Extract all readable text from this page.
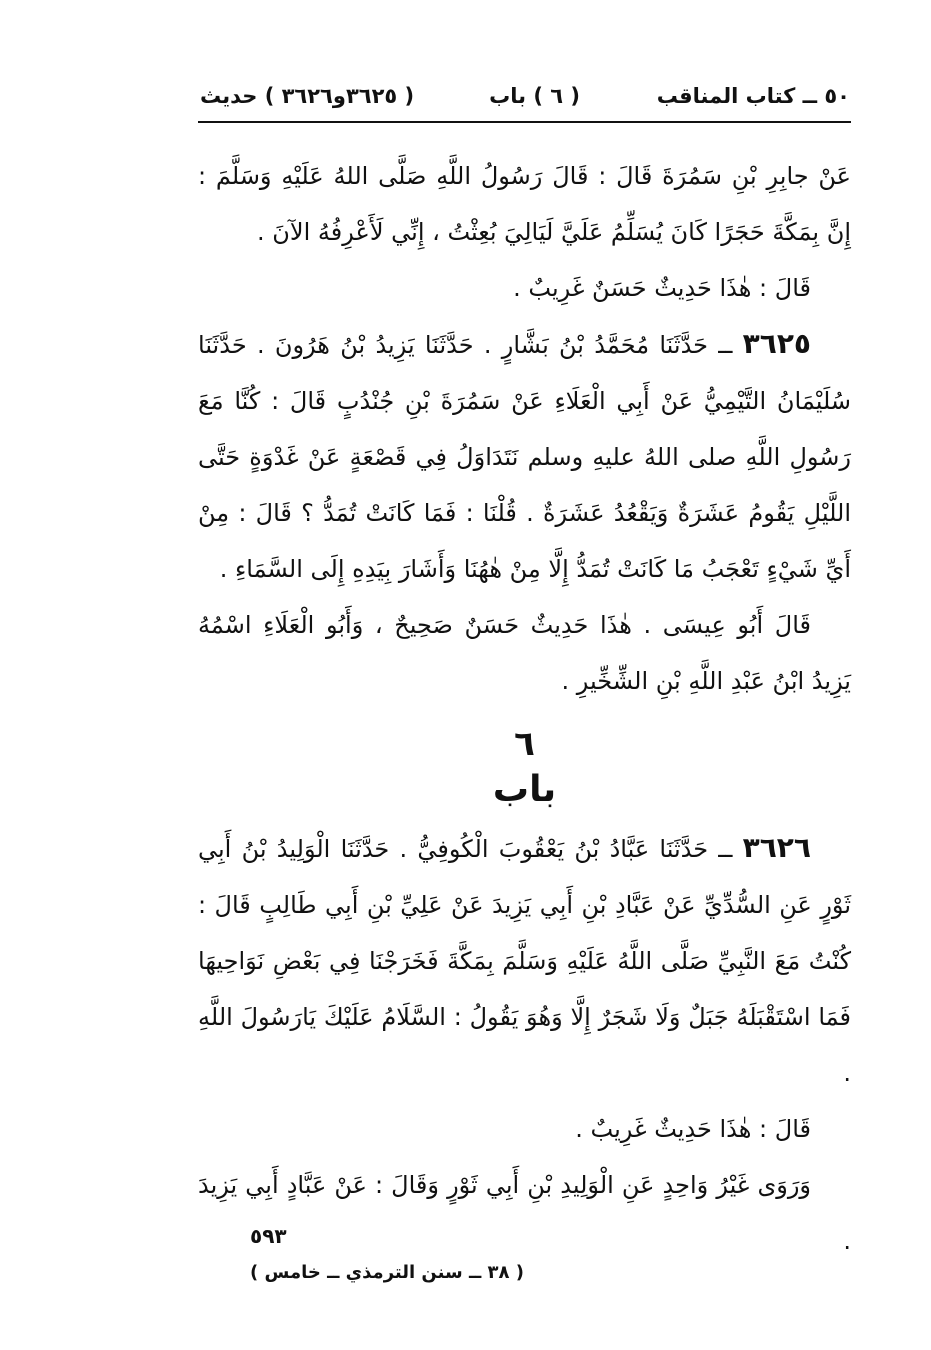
٥٠ ــ كتاب المناقب
( ٦ ) باب
( ٣٦٢٥و٣٦٢٦ ) حديث

عَنْ جابِرِ بْنِ سَمُرَةَ قَالَ : قَالَ رَسُولُ اللَّهِ صَلَّى اللهُ عَلَيْهِ وَسَلَّمَ : إِنَّ بِمَكَّةَ حَجَرًا كَانَ يُسَلِّمُ عَلَيَّ لَيَالِيَ بُعِثْتُ ، إِنِّي لَأَعْرِفُهُ الآنَ .

قَالَ : هٰذَا حَدِيثٌ حَسَنٌ غَرِيبٌ .

٣٦٢٥ ــ حَدَّثَنَا مُحَمَّدُ بْنُ بَشَّارٍ . حَدَّثَنَا يَزِيدُ بْنُ هَرُونَ . حَدَّثَنَا سُلَيْمَانُ التَّيْمِيُّ عَنْ أَبِي الْعَلَاءِ عَنْ سَمُرَةَ بْنِ جُنْدُبٍ قَالَ : كُنَّا مَعَ رَسُولِ اللَّهِ صلى اللهُ عليهِ وسلم نَتَدَاوَلُ فِي قَصْعَةٍ عَنْ غَدْوَةٍ حَتَّى اللَّيْلِ يَقُومُ عَشَرَةٌ وَيَقْعُدُ عَشَرَةٌ . قُلْنَا : فَمَا كَانَتْ تُمَدُّ ؟ قَالَ : مِنْ أَيِّ شَيْءٍ تَعْجَبُ مَا كَانَتْ تُمَدُّ إِلَّا مِنْ هٰهُنَا وَأَشَارَ بِيَدِهِ إِلَى السَّمَاءِ .

قَالَ أَبُو عِيسَى . هٰذَا حَدِيثٌ حَسَنٌ صَحِيحٌ ، وَأَبُو الْعَلَاءِ اسْمُهُ يَزِيدُ ابْنُ عَبْدِ اللَّهِ بْنِ الشِّخِّيرِ .

٦
باب

٣٦٢٦ ــ حَدَّثَنَا عَبَّادُ بْنُ يَعْقُوبَ الْكُوفِيُّ . حَدَّثَنَا الْوَلِيدُ بْنُ أَبِي ثَوْرٍ عَنِ السُّدِّيِّ عَنْ عَبَّادِ بْنِ أَبِي يَزِيدَ عَنْ عَلِيِّ بْنِ أَبِي طَالِبٍ قَالَ : كُنْتُ مَعَ النَّبِيِّ صَلَّى اللَّهُ عَلَيْهِ وَسَلَّمَ بِمَكَّةَ فَخَرَجْنَا فِي بَعْضِ نَوَاحِيهَا فَمَا اسْتَقْبَلَهُ جَبَلٌ وَلَا شَجَرٌ إِلَّا وَهُوَ يَقُولُ : السَّلَامُ عَلَيْكَ يَارَسُولَ اللَّهِ .

قَالَ : هٰذَا حَدِيثٌ غَرِيبٌ .

وَرَوَى غَيْرُ وَاحِدٍ عَنِ الْوَلِيدِ بْنِ أَبِي ثَوْرٍ وَقَالَ : عَنْ عَبَّادٍ أَبِي يَزِيدَ .

٥٩٣
( ٣٨ ــ سنن الترمذي ــ خامس )
